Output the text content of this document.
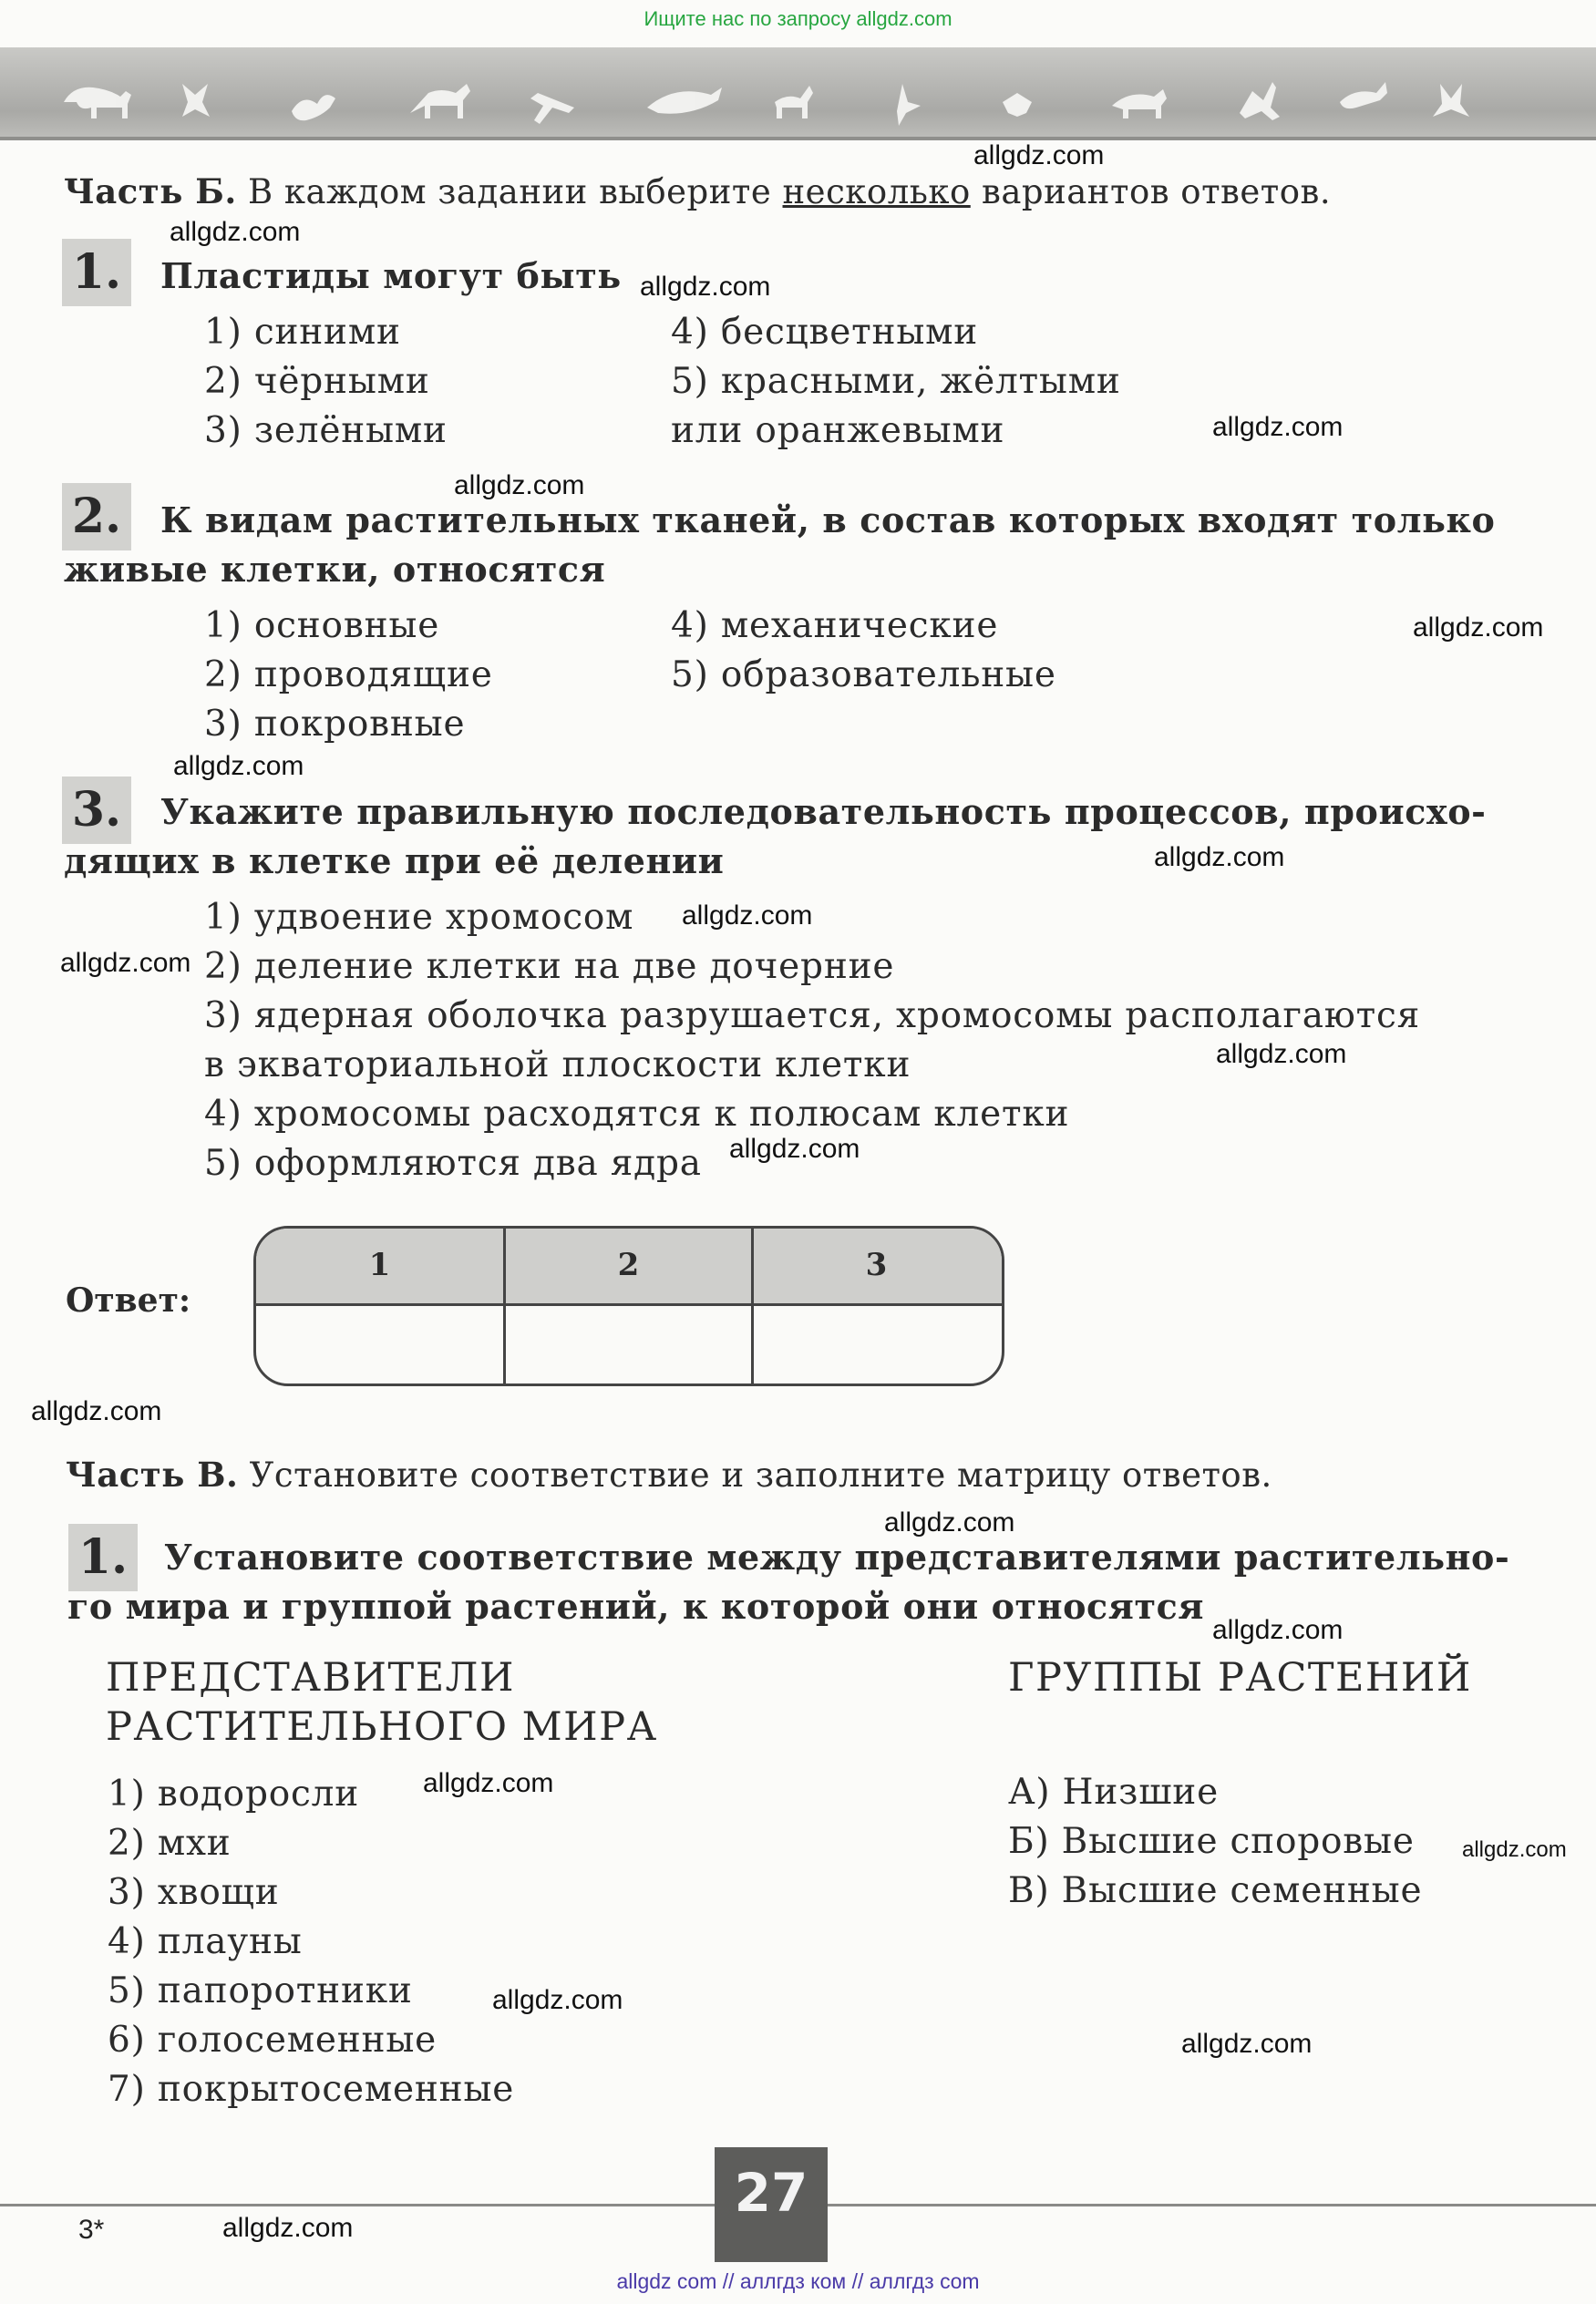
Ищите нас по запросу allgdz.com
Часть Б. В каждом задании выберите несколько вариантов ответов.
1. Пластиды могут быть
1) синими
2) чёрными
3) зелёными
4) бесцветными
5) красными, жёлтыми
или оранжевыми
2. К видам растительных тканей, в состав которых входят только
живые клетки, относятся
1) основные
2) проводящие
3) покровные
4) механические
5) образовательные
3. Укажите правильную последовательность процессов, происхо-
дящих в клетке при её делении
1) удвоение хромосом
2) деление клетки на две дочерние
3) ядерная оболочка разрушается, хромосомы располагаются
в экваториальной плоскости клетки
4) хромосомы расходятся к полюсам клетки
5) оформляются два ядра
Ответ:
1	2	3
Часть В. Установите соответствие и заполните матрицу ответов.
1. Установите соответствие между представителями растительно-
го мира и группой растений, к которой они относятся
ПРЕДСТАВИТЕЛИ
РАСТИТЕЛЬНОГО МИРА
ГРУППЫ РАСТЕНИЙ
1) водоросли
2) мхи
3) хвощи
4) плауны
5) папоротники
6) голосеменные
7) покрытосеменные
А) Низшие
Б) Высшие споровые
В) Высшие семенные
27
3*
allgdz.com
allgdz.com
allgdz.com
allgdz.com
allgdz.com
allgdz.com
allgdz.com
allgdz.com
allgdz.com
allgdz.com
allgdz.com
allgdz.com
allgdz.com
allgdz.com
allgdz.com
allgdz.com
allgdz.com
allgdz.com
allgdz.com
allgdz.com
allgdz com // аллгдз ком // аллгдз com
